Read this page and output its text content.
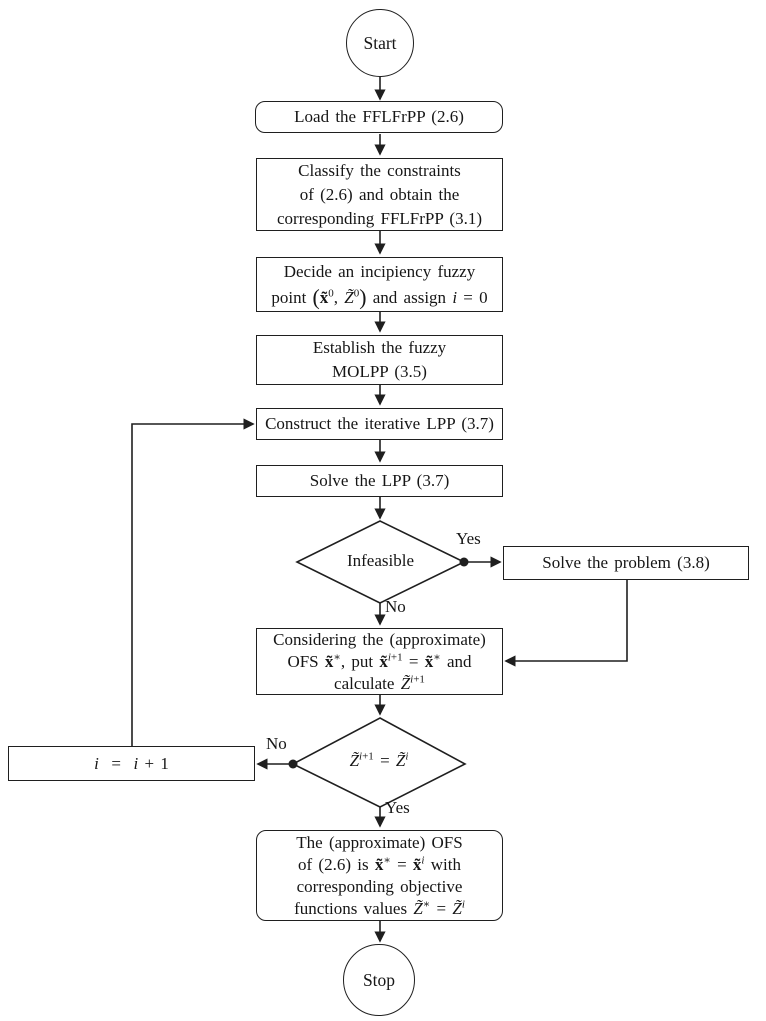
Start
Load the FFLFrPP (2.6)
Classify the constraints
of (2.6) and obtain the
corresponding FFLFrPP (3.1)
Decide an incipiency fuzzy
point (x̃$^0$, Z̃$^0$) and assign i = 0
Establish the fuzzy
MOLPP (3.5)
Construct the iterative LPP (3.7)
Solve the LPP (3.7)
Infeasible
Yes
No
Solve the problem (3.8)
Considering the (approximate)
OFS x̃∗, put x̃$^{i+1}$ = x̃∗ and
calculate Z̃$^{i+1}$
Z̃$^{i+1}$ = Z̃$^i$
No
Yes
i  =  i + 1
The (approximate) OFS
of (2.6) is x̃∗ = x̃$^i$ with
corresponding objective
functions values Z̃∗ = Z̃$^i$
Stop
